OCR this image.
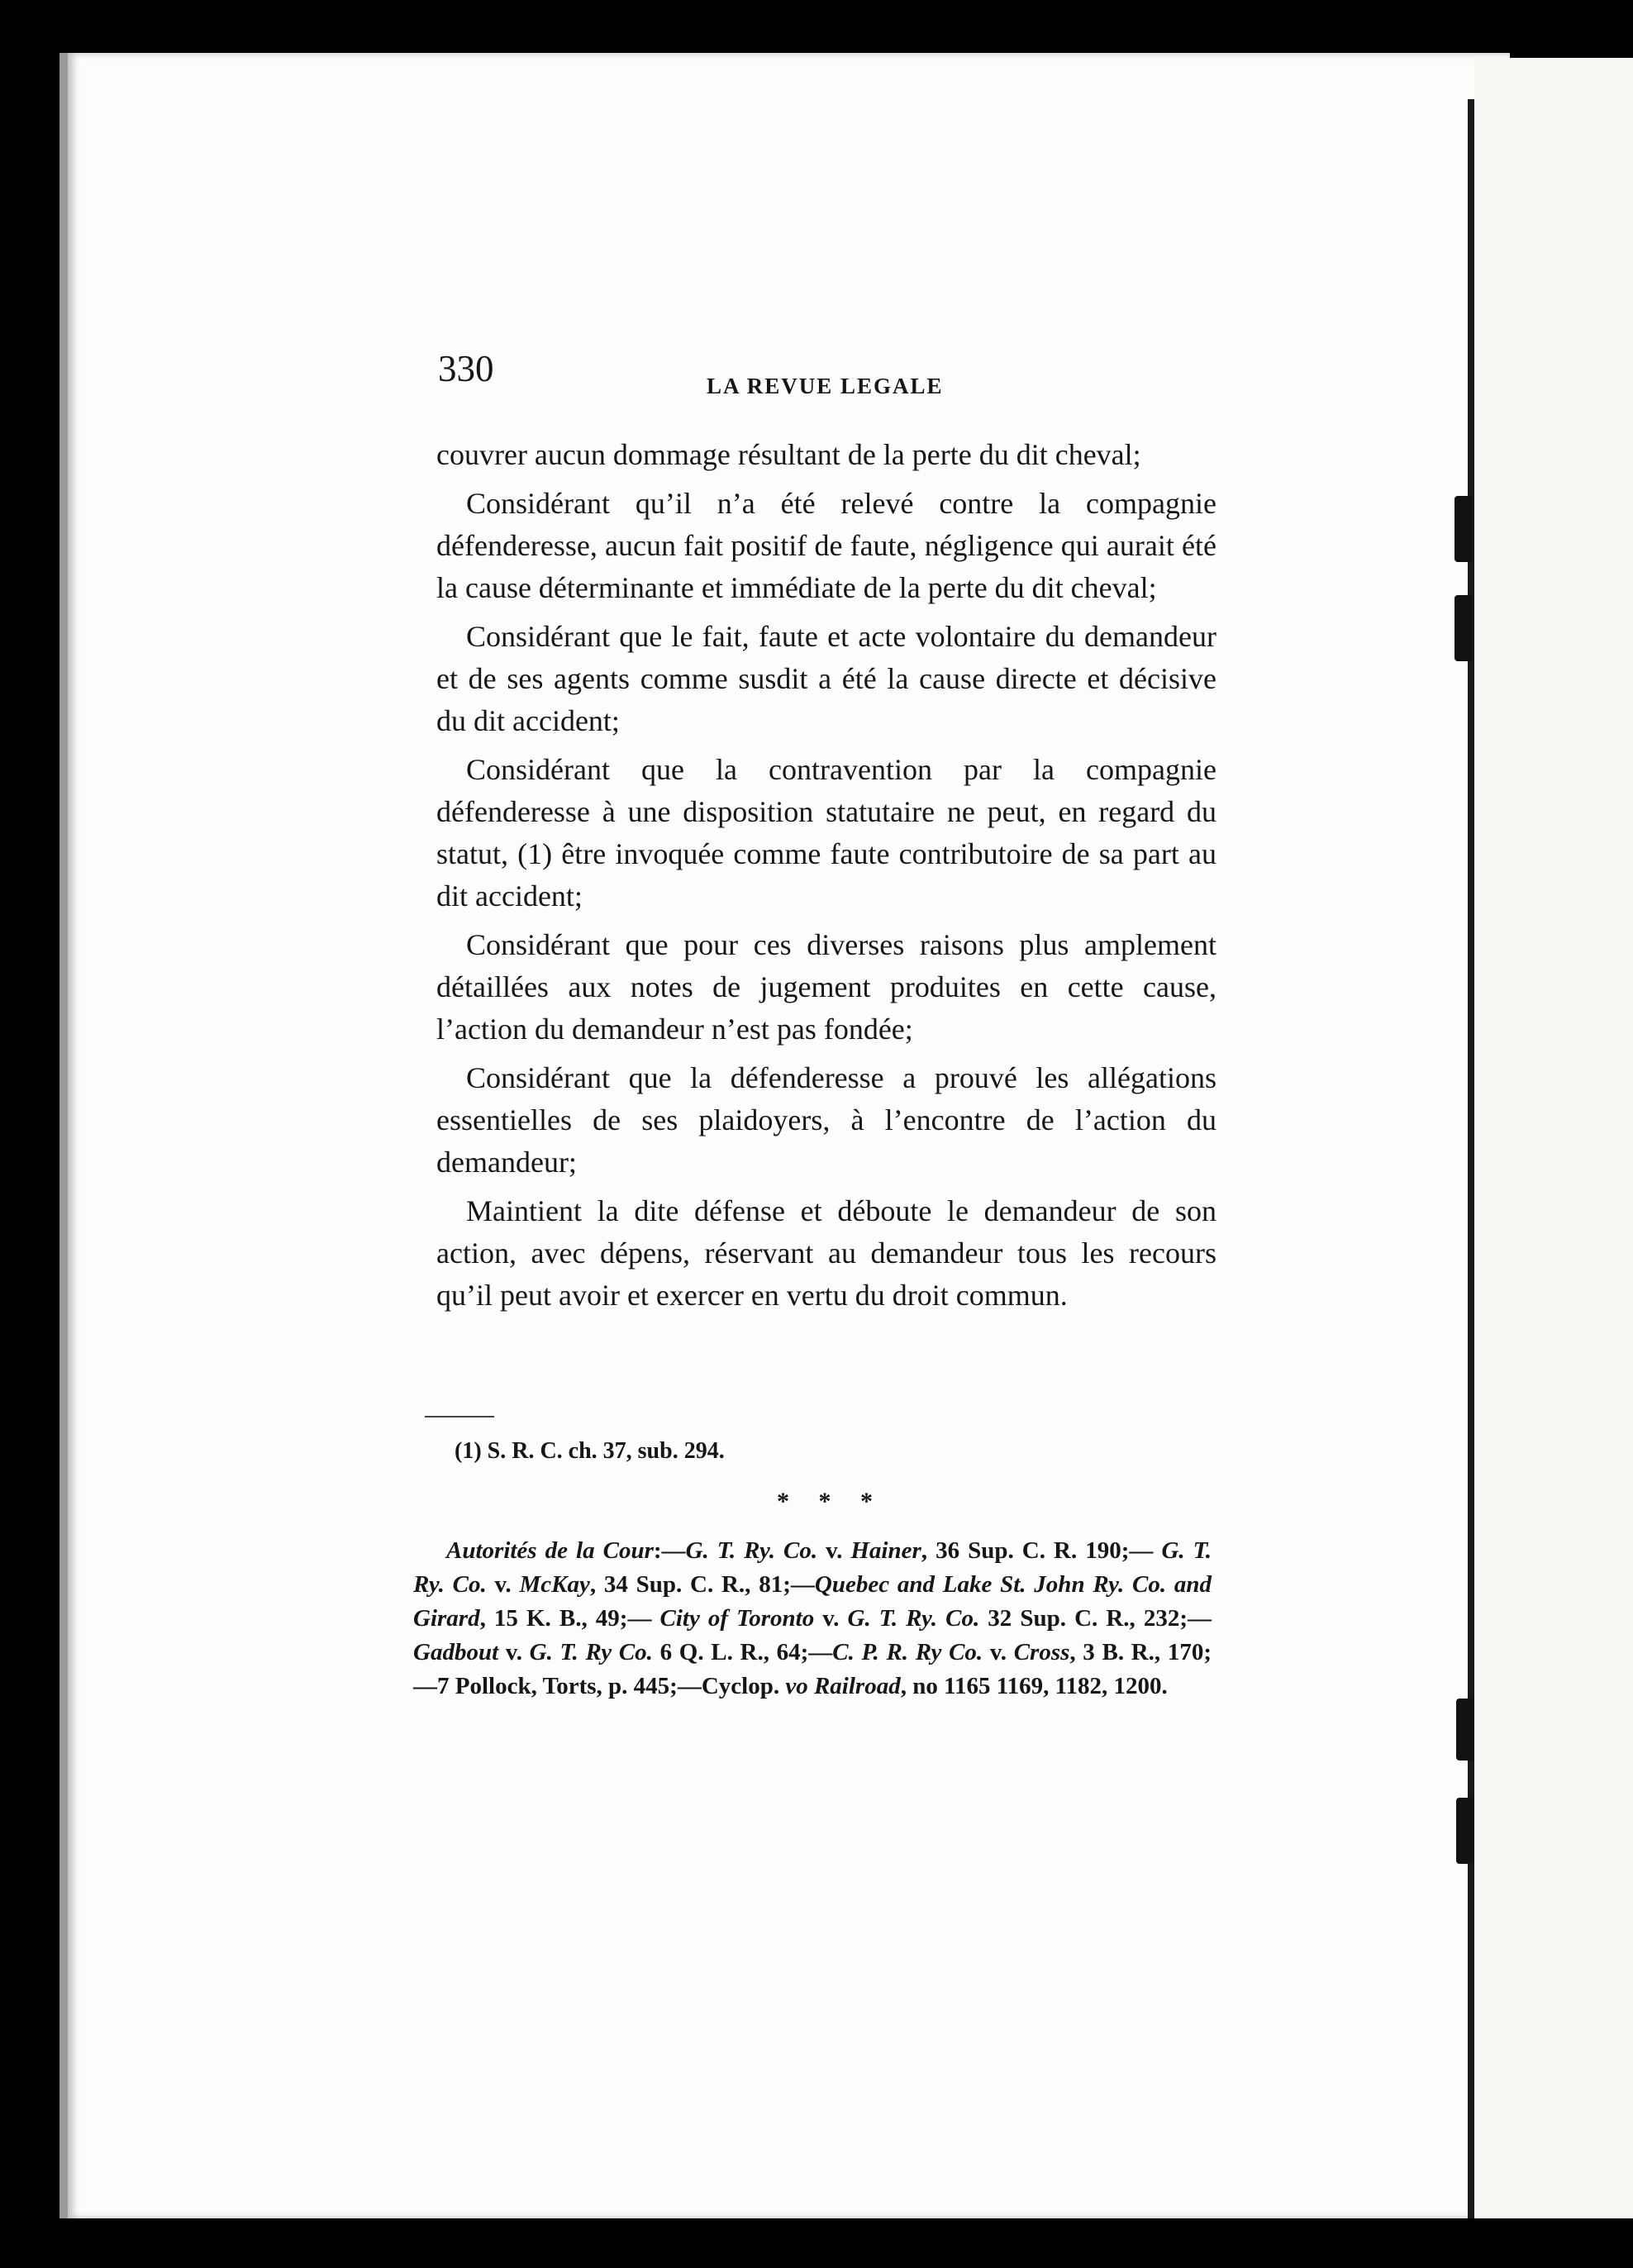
330	LA REVUE LEGALE

couvrer aucun dommage résultant de la perte du dit cheval;

Considérant qu’il n’a été relevé contre la compagnie défenderesse, aucun fait positif de faute, négligence qui aurait été la cause déterminante et immédiate de la perte du dit cheval;

Considérant que le fait, faute et acte volontaire du demandeur et de ses agents comme susdit a été la cause directe et décisive du dit accident;

Considérant que la contravention par la compagnie défenderesse à une disposition statutaire ne peut, en regard du statut, (1) être invoquée comme faute contributoire de sa part au dit accident;

Considérant que pour ces diverses raisons plus amplement détaillées aux notes de jugement produites en cette cause, l’action du demandeur n’est pas fondée;

Considérant que la défenderesse a prouvé les allégations essentielles de ses plaidoyers, à l’encontre de l’action du demandeur;

Maintient la dite défense et déboute le demandeur de son action, avec dépens, réservant au demandeur tous les recours qu’il peut avoir et exercer en vertu du droit commun.

(1) S. R. C. ch. 37, sub. 294.
* * *

Autorités de la Cour:—G. T. Ry. Co. v. Hainer, 36 Sup. C. R. 190;— G. T. Ry. Co. v. McKay, 34 Sup. C. R., 81;—Quebec and Lake St. John Ry. Co. and Girard, 15 K. B., 49;— City of Toronto v. G. T. Ry. Co. 32 Sup. C. R., 232;—Gadbout v. G. T. Ry Co. 6 Q. L. R., 64;—C. P. R. Ry Co. v. Cross, 3 B. R., 170;—7 Pollock, Torts, p. 445;—Cyclop. vo Railroad, no 1165 1169, 1182, 1200.
